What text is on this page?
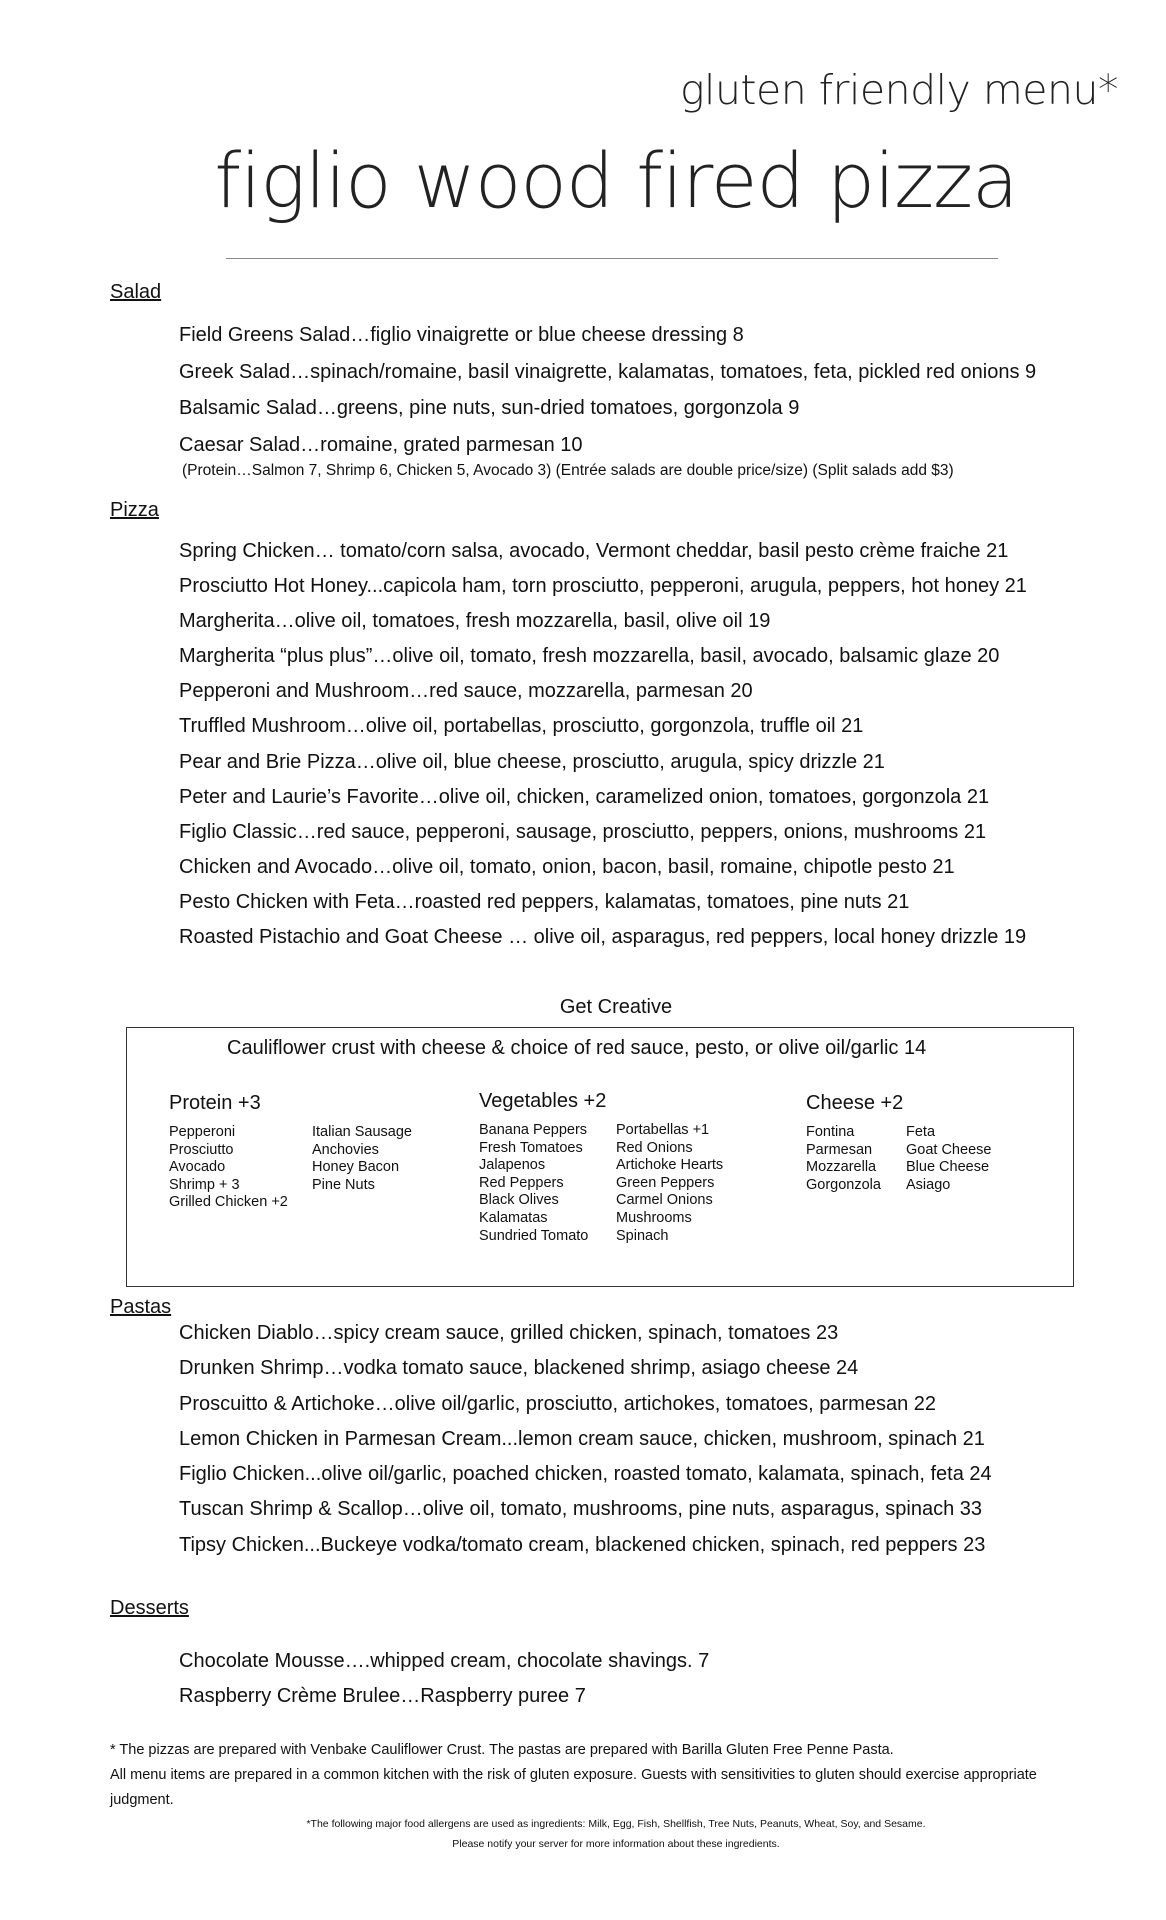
gluten friendly menu*
figlio wood fired pizza
Salad
Field Greens Salad…figlio vinaigrette or blue cheese dressing 8
Greek Salad…spinach/romaine, basil vinaigrette, kalamatas, tomatoes, feta, pickled red onions 9
Balsamic Salad…greens, pine nuts, sun-dried tomatoes, gorgonzola 9
Caesar Salad…romaine, grated parmesan 10
(Protein…Salmon 7, Shrimp 6, Chicken 5, Avocado 3) (Entrée salads are double price/size) (Split salads add $3)
Pizza
Spring Chicken… tomato/corn salsa, avocado, Vermont cheddar, basil pesto crème fraiche 21
Prosciutto Hot Honey...capicola ham, torn prosciutto, pepperoni, arugula, peppers, hot honey 21
Margherita…olive oil, tomatoes, fresh mozzarella, basil, olive oil 19
Margherita “plus plus”…olive oil, tomato, fresh mozzarella, basil, avocado, balsamic glaze 20
Pepperoni and Mushroom…red sauce, mozzarella, parmesan 20
Truffled Mushroom…olive oil, portabellas, prosciutto, gorgonzola, truffle oil 21
Pear and Brie Pizza…olive oil, blue cheese, prosciutto, arugula, spicy drizzle 21
Peter and Laurie’s Favorite…olive oil, chicken, caramelized onion, tomatoes, gorgonzola 21
Figlio Classic…red sauce, pepperoni, sausage, prosciutto, peppers, onions, mushrooms 21
Chicken and Avocado…olive oil, tomato, onion, bacon, basil, romaine, chipotle pesto 21
Pesto Chicken with Feta…roasted red peppers, kalamatas, tomatoes, pine nuts 21
Roasted Pistachio and Goat Cheese … olive oil, asparagus, red peppers, local honey drizzle 19
Get Creative
Cauliflower crust with cheese & choice of red sauce, pesto, or olive oil/garlic 14
Protein +3
Pepperoni
Prosciutto
Avocado
Shrimp + 3
Grilled Chicken +2
Italian Sausage
Anchovies
Honey Bacon
Pine Nuts
Vegetables +2
Banana Peppers
Fresh Tomatoes
Jalapenos
Red Peppers
Black Olives
Kalamatas
Sundried Tomato
Portabellas +1
Red Onions
Artichoke Hearts
Green Peppers
Carmel Onions
Mushrooms
Spinach
Cheese +2
Fontina
Parmesan
Mozzarella
Gorgonzola
Feta
Goat Cheese
Blue Cheese
Asiago
Pastas
Chicken Diablo…spicy cream sauce, grilled chicken, spinach, tomatoes 23
Drunken Shrimp…vodka tomato sauce, blackened shrimp, asiago cheese 24
Proscuitto & Artichoke…olive oil/garlic, prosciutto, artichokes, tomatoes, parmesan 22
Lemon Chicken in Parmesan Cream...lemon cream sauce, chicken, mushroom, spinach 21
Figlio Chicken...olive oil/garlic, poached chicken, roasted tomato, kalamata, spinach, feta 24
Tuscan Shrimp & Scallop…olive oil, tomato, mushrooms, pine nuts, asparagus, spinach 33
Tipsy Chicken...Buckeye vodka/tomato cream, blackened chicken, spinach, red peppers 23
Desserts
Chocolate Mousse….whipped cream, chocolate shavings. 7
Raspberry Crème Brulee…Raspberry puree 7
* The pizzas are prepared with Venbake Cauliflower Crust. The pastas are prepared with Barilla Gluten Free Penne Pasta.
All menu items are prepared in a common kitchen with the risk of gluten exposure. Guests with sensitivities to gluten should exercise appropriate
judgment.
*The following major food allergens are used as ingredients: Milk, Egg, Fish, Shellfish, Tree Nuts, Peanuts, Wheat, Soy, and Sesame.
Please notify your server for more information about these ingredients.
